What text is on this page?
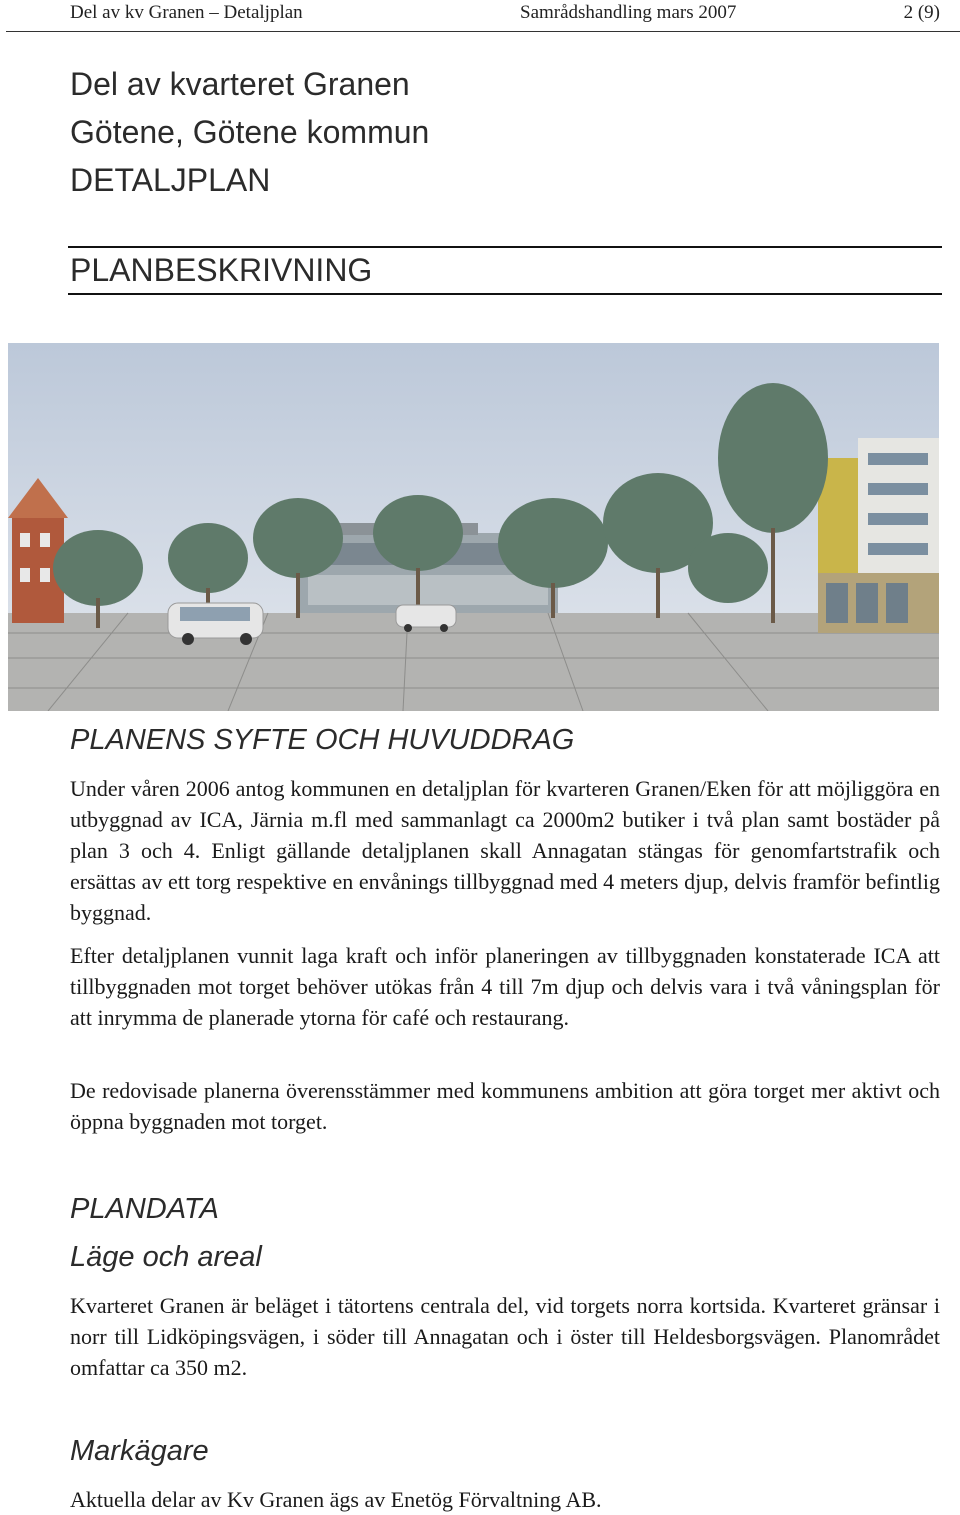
Del av kv Granen – Detaljplan	Samrådshandling mars 2007	2 (9)
Del av kvarteret Granen
Götene, Götene kommun
DETALJPLAN
PLANBESKRIVNING
PLANENS SYFTE OCH HUVUDDRAG
Under våren 2006 antog kommunen en detaljplan för kvarteren Granen/Eken för att möjliggöra en utbyggnad av ICA, Järnia m.fl med sammanlagt ca 2000m2 butiker i två plan samt bostäder på plan 3 och 4. Enligt gällande detaljplanen skall Annagatan stängas för genomfartstrafik och ersättas av ett torg respektive en envånings tillbyggnad med 4 meters djup, delvis framför befintlig byggnad.
Efter detaljplanen vunnit laga kraft och inför planeringen av tillbyggnaden konstaterade ICA att tillbyggnaden mot torget behöver utökas från 4 till 7m djup och delvis vara i två våningsplan för att inrymma de planerade ytorna för café och restaurang.
De redovisade planerna överensstämmer med kommunens ambition att göra torget mer aktivt och öppna byggnaden mot torget.
PLANDATA
Läge och areal
Kvarteret Granen är beläget i tätortens centrala del, vid torgets norra kortsida. Kvarteret gränsar i norr till Lidköpingsvägen, i söder till Annagatan och i öster till Heldesborgsvägen. Planområdet omfattar ca 350 m2.
Markägare
Aktuella delar av Kv Granen ägs av Enetög Förvaltning AB.
